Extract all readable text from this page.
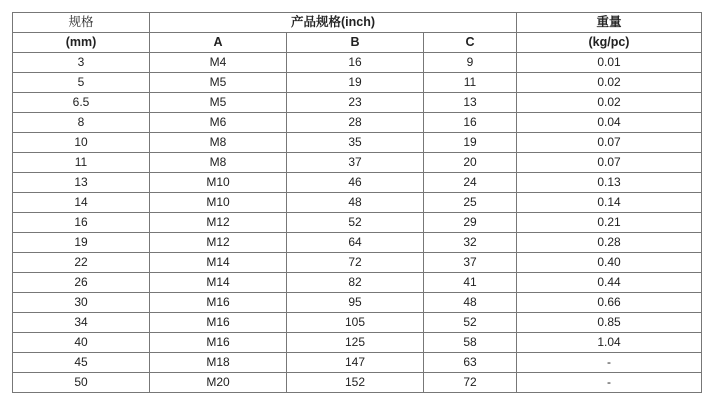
规格	产品规格(inch)			重量
(mm)	A	B	C	(kg/pc)
3	M4	16	9	0.01
5	M5	19	11	0.02
6.5	M5	23	13	0.02
8	M6	28	16	0.04
10	M8	35	19	0.07
11	M8	37	20	0.07
13	M10	46	24	0.13
14	M10	48	25	0.14
16	M12	52	29	0.21
19	M12	64	32	0.28
22	M14	72	37	0.40
26	M14	82	41	0.44
30	M16	95	48	0.66
34	M16	105	52	0.85
40	M16	125	58	1.04
45	M18	147	63	-
50	M20	152	72	-
